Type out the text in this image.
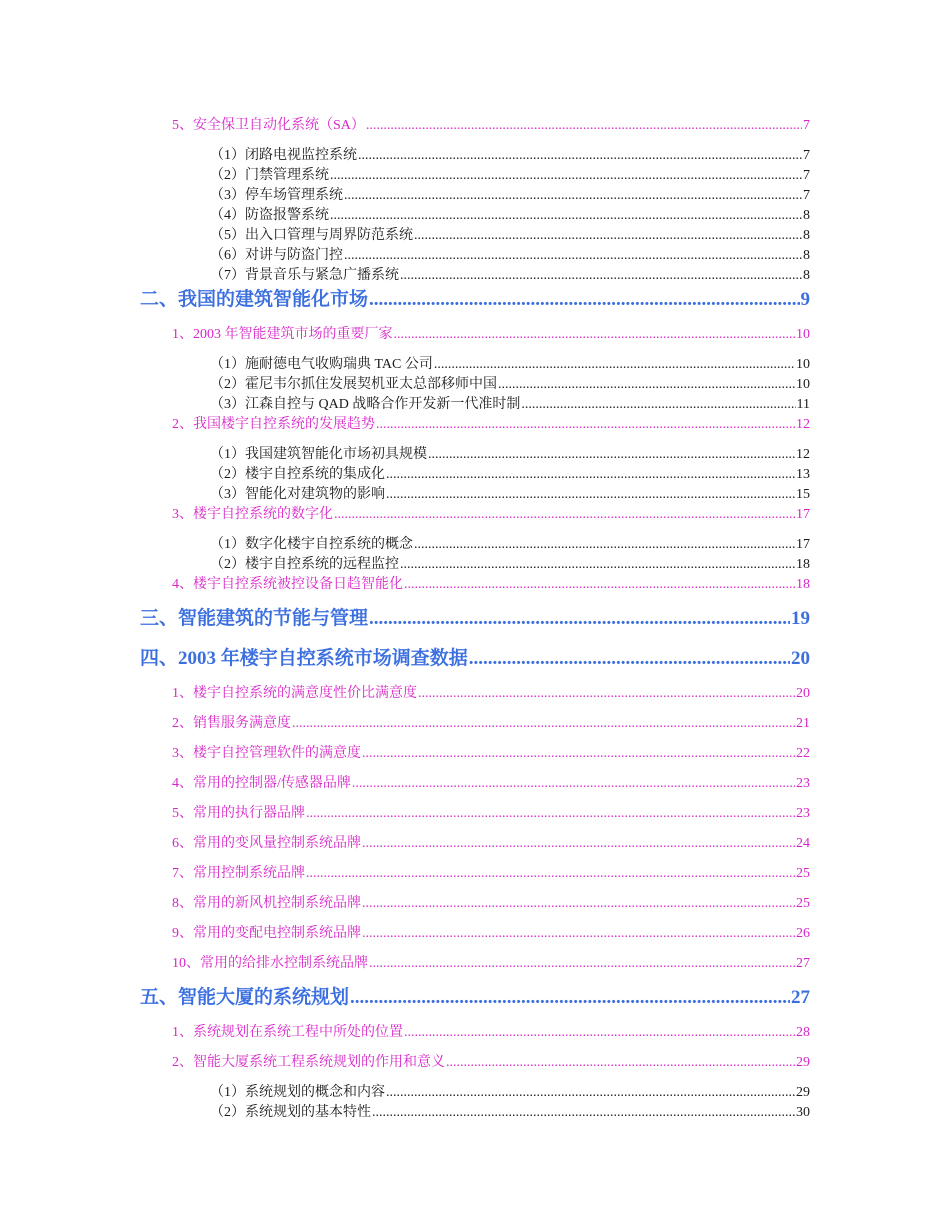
5、安全保卫自动化系统（SA） .....	7
（1）闭路电视监控系统 .....	7
（2）门禁管理系统 .....	7
（3）停车场管理系统 .....	7
（4）防盗报警系统 .....	8
（5）出入口管理与周界防范系统 .....	8
（6）对讲与防盗门控 .....	8
（7）背景音乐与紧急广播系统 .....	8
二、我国的建筑智能化市场 .....	9
1、2003 年智能建筑市场的重要厂家 .....	10
（1）施耐德电气收购瑞典 TAC 公司 .....	10
（2）霍尼韦尔抓住发展契机亚太总部移师中国 .....	10
（3）江森自控与 QAD 战略合作开发新一代准时制 .....	11
2、我国楼宇自控系统的发展趋势 .....	12
（1）我国建筑智能化市场初具规模 .....	12
（2）楼宇自控系统的集成化 .....	13
（3）智能化对建筑物的影响 .....	15
3、楼宇自控系统的数字化 .....	17
（1）数字化楼宇自控系统的概念 .....	17
（2）楼宇自控系统的远程监控 .....	18
4、楼宇自控系统被控设备日趋智能化 .....	18
三、智能建筑的节能与管理 .....	19
四、2003 年楼宇自控系统市场调查数据 .....	20
1、楼宇自控系统的满意度性价比满意度 .....	20
2、销售服务满意度 .....	21
3、楼宇自控管理软件的满意度 .....	22
4、常用的控制器/传感器品牌 .....	23
5、常用的执行器品牌 .....	23
6、常用的变风量控制系统品牌 .....	24
7、常用控制系统品牌 .....	25
8、常用的新风机控制系统品牌 .....	25
9、常用的变配电控制系统品牌 .....	26
10、常用的给排水控制系统品牌 .....	27
五、智能大厦的系统规划 .....	27
1、系统规划在系统工程中所处的位置 .....	28
2、智能大厦系统工程系统规划的作用和意义 .....	29
（1）系统规划的概念和内容 .....	29
（2）系统规划的基本特性 .....	30
